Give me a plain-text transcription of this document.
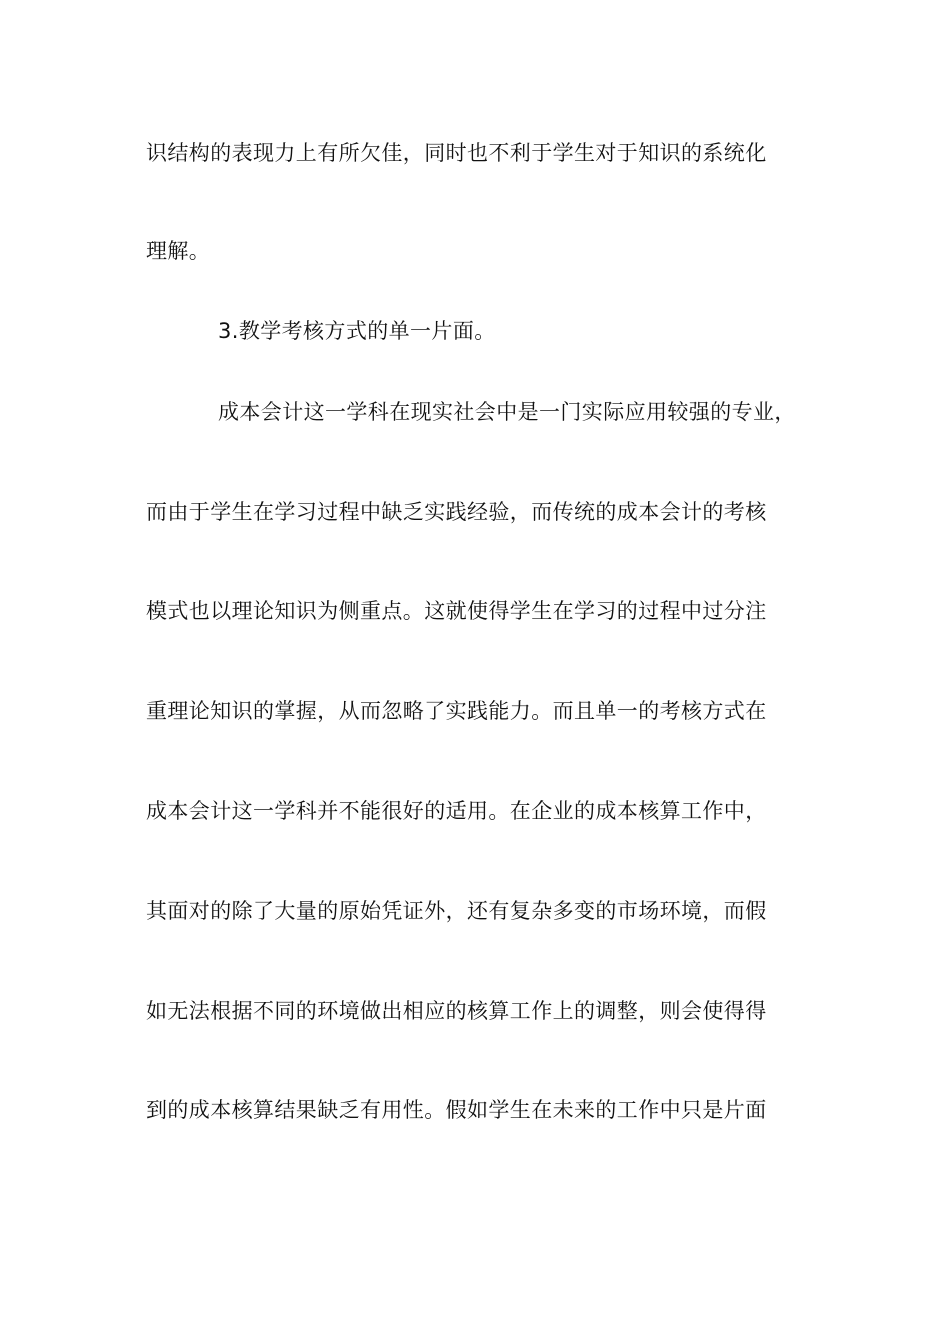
识结构的表现力上有所欠佳，同时也不利于学生对于知识的系统化
理解。
3.教学考核方式的单一片面。
成本会计这一学科在现实社会中是一门实际应用较强的专业，
而由于学生在学习过程中缺乏实践经验，而传统的成本会计的考核
模式也以理论知识为侧重点。这就使得学生在学习的过程中过分注
重理论知识的掌握，从而忽略了实践能力。而且单一的考核方式在
成本会计这一学科并不能很好的适用。在企业的成本核算工作中，
其面对的除了大量的原始凭证外，还有复杂多变的市场环境，而假
如无法根据不同的环境做出相应的核算工作上的调整，则会使得得
到的成本核算结果缺乏有用性。假如学生在未来的工作中只是片面
